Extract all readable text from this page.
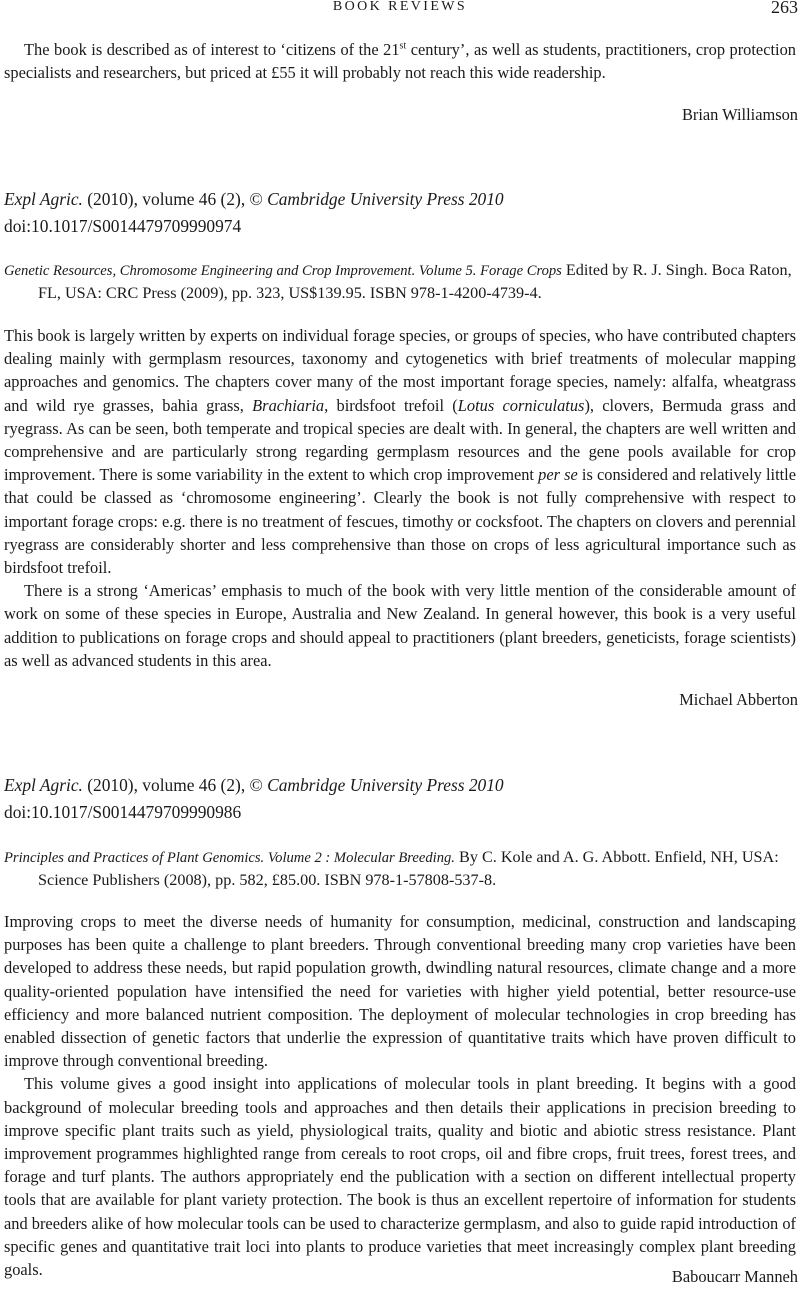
BOOK REVIEWS	263

The book is described as of interest to ‘citizens of the 21st century’, as well as students, practitioners, crop protection specialists and researchers, but priced at £55 it will probably not reach this wide readership.

Brian Williamson
Expl Agric. (2010), volume 46 (2), © Cambridge University Press 2010
doi:10.1017/S0014479709990974
Genetic Resources, Chromosome Engineering and Crop Improvement. Volume 5. Forage Crops Edited by R. J. Singh. Boca Raton, FL, USA: CRC Press (2009), pp. 323, US$139.95. ISBN 978-1-4200-4739-4.

This book is largely written by experts on individual forage species, or groups of species, who have contributed chapters dealing mainly with germplasm resources, taxonomy and cytogenetics with brief treatments of molecular mapping approaches and genomics. The chapters cover many of the most important forage species, namely: alfalfa, wheatgrass and wild rye grasses, bahia grass, Brachiaria, birdsfoot trefoil (Lotus corniculatus), clovers, Bermuda grass and ryegrass. As can be seen, both temperate and tropical species are dealt with. In general, the chapters are well written and comprehensive and are particularly strong regarding germplasm resources and the gene pools available for crop improvement. There is some variability in the extent to which crop improvement per se is considered and relatively little that could be classed as ‘chromosome engineering’. Clearly the book is not fully comprehensive with respect to important forage crops: e.g. there is no treatment of fescues, timothy or cocksfoot. The chapters on clovers and perennial ryegrass are considerably shorter and less comprehensive than those on crops of less agricultural importance such as birdsfoot trefoil.

There is a strong ‘Americas’ emphasis to much of the book with very little mention of the considerable amount of work on some of these species in Europe, Australia and New Zealand. In general however, this book is a very useful addition to publications on forage crops and should appeal to practitioners (plant breeders, geneticists, forage scientists) as well as advanced students in this area.

Michael Abberton
Expl Agric. (2010), volume 46 (2), © Cambridge University Press 2010
doi:10.1017/S0014479709990986
Principles and Practices of Plant Genomics. Volume 2 : Molecular Breeding. By C. Kole and A. G. Abbott. Enfield, NH, USA: Science Publishers (2008), pp. 582, £85.00. ISBN 978-1-57808-537-8.

Improving crops to meet the diverse needs of humanity for consumption, medicinal, construction and landscaping purposes has been quite a challenge to plant breeders. Through conventional breeding many crop varieties have been developed to address these needs, but rapid population growth, dwindling natural resources, climate change and a more quality-oriented population have intensified the need for varieties with higher yield potential, better resource-use efficiency and more balanced nutrient composition. The deployment of molecular technologies in crop breeding has enabled dissection of genetic factors that underlie the expression of quantitative traits which have proven difficult to improve through conventional breeding.

This volume gives a good insight into applications of molecular tools in plant breeding. It begins with a good background of molecular breeding tools and approaches and then details their applications in precision breeding to improve specific plant traits such as yield, physiological traits, quality and biotic and abiotic stress resistance. Plant improvement programmes highlighted range from cereals to root crops, oil and fibre crops, fruit trees, forest trees, and forage and turf plants. The authors appropriately end the publication with a section on different intellectual property tools that are available for plant variety protection. The book is thus an excellent repertoire of information for students and breeders alike of how molecular tools can be used to characterize germplasm, and also to guide rapid introduction of specific genes and quantitative trait loci into plants to produce varieties that meet increasingly complex plant breeding goals.	Baboucarr Manneh
